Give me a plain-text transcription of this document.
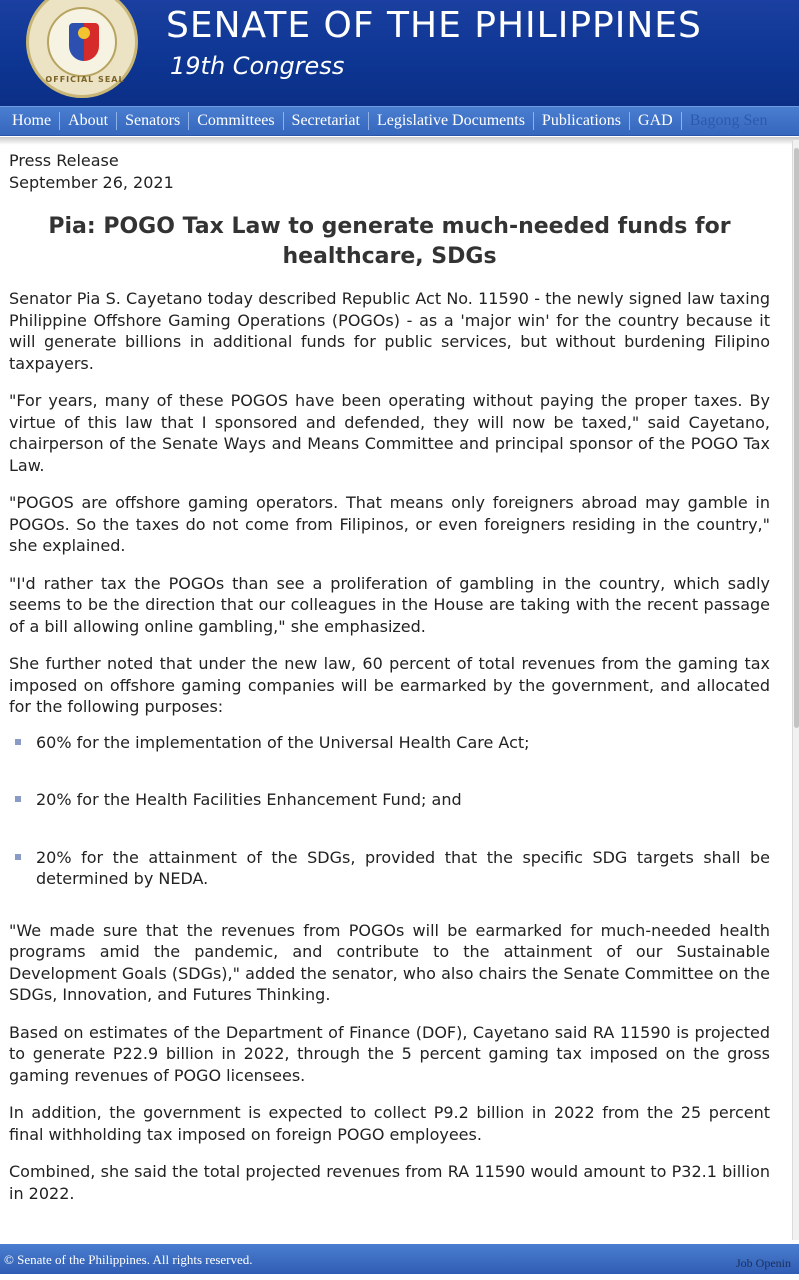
OFFICIAL SEAL
SENATE OF THE PHILIPPINES
19th Congress
Home	About	Senators	Committees	Secretariat	Legislative Documents	Publications	GAD	Bagong Sen
Press Release
September 26, 2021
Pia: POGO Tax Law to generate much-needed funds for healthcare, SDGs

Senator Pia S. Cayetano today described Republic Act No. 11590 - the newly signed law taxing Philippine Offshore Gaming Operations (POGOs) - as a 'major win' for the country because it will generate billions in additional funds for public services, but without burdening Filipino taxpayers.

"For years, many of these POGOS have been operating without paying the proper taxes. By virtue of this law that I sponsored and defended, they will now be taxed," said Cayetano, chairperson of the Senate Ways and Means Committee and principal sponsor of the POGO Tax Law.

"POGOS are offshore gaming operators. That means only foreigners abroad may gamble in POGOs. So the taxes do not come from Filipinos, or even foreigners residing in the country," she explained.

"I'd rather tax the POGOs than see a proliferation of gambling in the country, which sadly seems to be the direction that our colleagues in the House are taking with the recent passage of a bill allowing online gambling," she emphasized.

She further noted that under the new law, 60 percent of total revenues from the gaming tax imposed on offshore gaming companies will be earmarked by the government, and allocated for the following purposes:

60% for the implementation of the Universal Health Care Act;
20% for the Health Facilities Enhancement Fund; and
20% for the attainment of the SDGs, provided that the specific SDG targets shall be determined by NEDA.

"We made sure that the revenues from POGOs will be earmarked for much-needed health programs amid the pandemic, and contribute to the attainment of our Sustainable Development Goals (SDGs)," added the senator, who also chairs the Senate Committee on the SDGs, Innovation, and Futures Thinking.

Based on estimates of the Department of Finance (DOF), Cayetano said RA 11590 is projected to generate P22.9 billion in 2022, through the 5 percent gaming tax imposed on the gross gaming revenues of POGO licensees.

In addition, the government is expected to collect P9.2 billion in 2022 from the 25 percent final withholding tax imposed on foreign POGO employees.

Combined, she said the total projected revenues from RA 11590 would amount to P32.1 billion in 2022.

© Senate of the Philippines. All rights reserved.	Job Openin
